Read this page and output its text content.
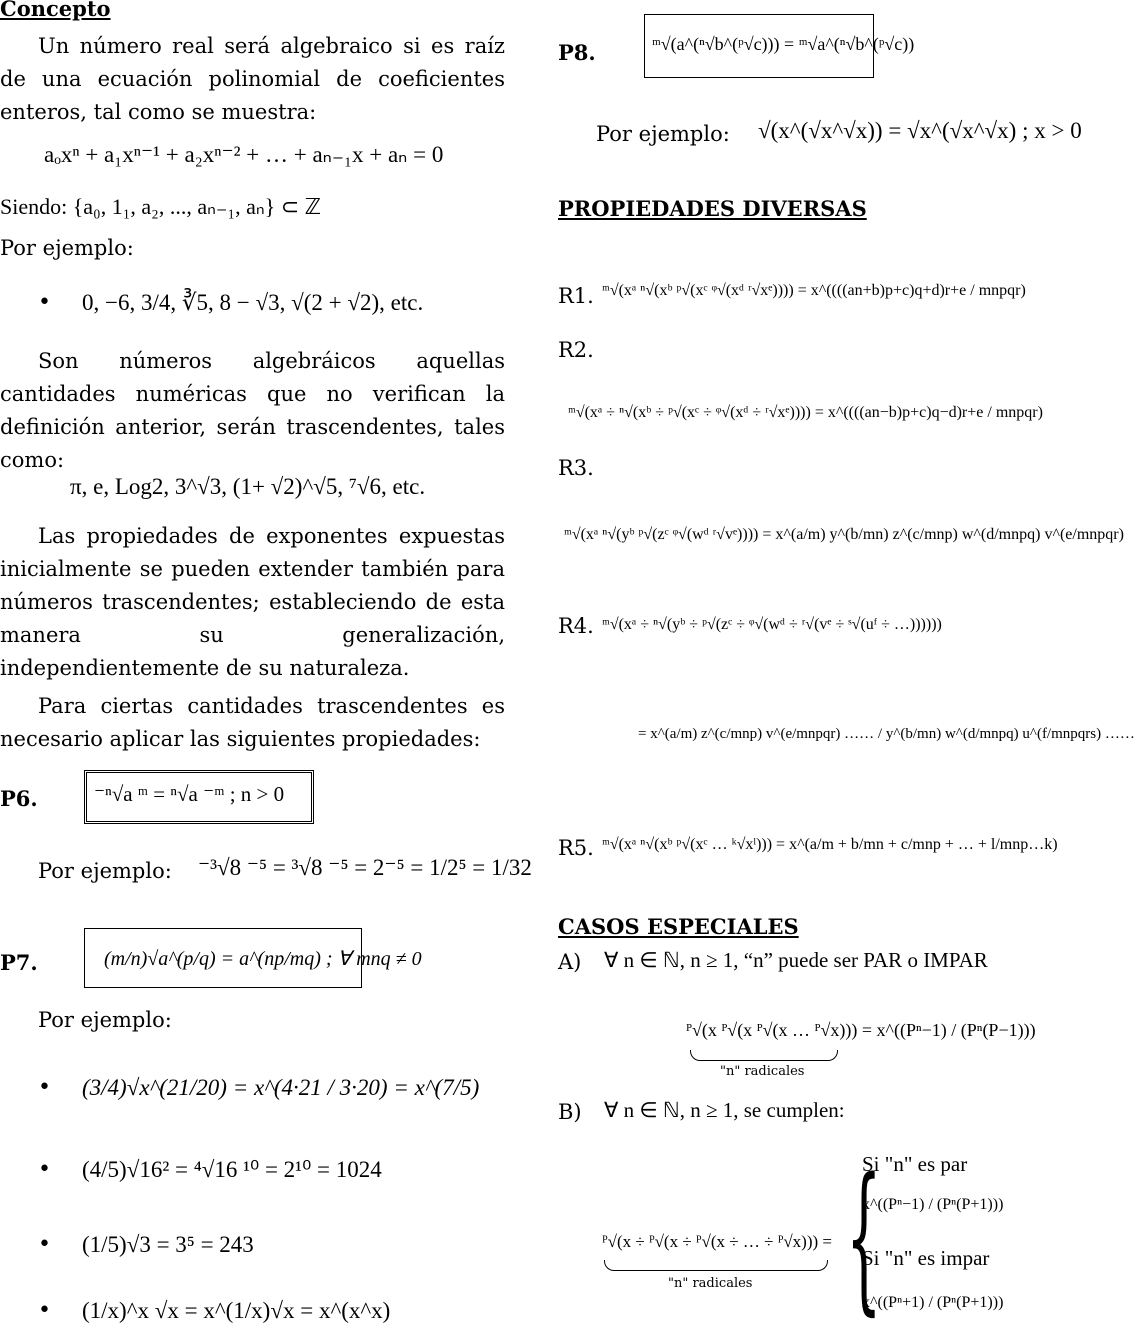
Concepto
Un número real será algebraico si es raíz de una ecuación polinomial de coeficientes enteros, tal como se muestra:
aₒxⁿ + a₁xⁿ⁻¹ + a₂xⁿ⁻² + … + aₙ₋₁x + aₙ = 0
Siendo: {a₀, 1₁, a₂, ..., aₙ₋₁, aₙ} ⊂ ℤ
Por ejemplo:
• 0, −6, 3/4, ∛5, 8 − √3, √(2 + √2), etc.
Son números algebráicos aquellas cantidades numéricas que no verifican la definición anterior, serán trascendentes, tales como:
π, e, Log2, 3^√3, (1+ √2)^√5, ⁷√6, etc.
Las propiedades de exponentes expuestas inicialmente se pueden extender también para números trascendentes; estableciendo de esta manera su generalización, independientemente de su naturaleza.
Para ciertas cantidades trascendentes es necesario aplicar las siguientes propiedades:
P6.	⁻ⁿ√a ᵐ = ⁿ√a ⁻ᵐ ; n > 0
Por ejemplo: ⁻³√8 ⁻⁵ = ³√8 ⁻⁵ = 2⁻⁵ = 1/2⁵ = 1/32
P7.	(m/n)√a^(p/q) = a^(np/mq) ; ∀ mnq ≠ 0
Por ejemplo:
• (3/4)√x^(21/20) = x^(4·21 / 3·20) = x^(7/5)
• (4/5)√16² = ⁴√16 ¹⁰ = 2¹⁰ = 1024
• (1/5)√3 = 3⁵ = 243
• (1/x)^x √x = x^(1/x)√x = x^(x^x)
P8.	ᵐ√(a^(ⁿ√b^(ᵖ√c))) = ᵐ√a^(ⁿ√b^(ᵖ√c))
Por ejemplo: √(x^(√x^√x)) = √x^(√x^√x) ; x > 0
PROPIEDADES DIVERSAS
R1. ᵐ√(xᵃ ⁿ√(xᵇ ᵖ√(xᶜ ᵠ√(xᵈ ʳ√xᵉ)))) = x^((((an+b)p+c)q+d)r+e / mnpqr)
R2.
ᵐ√(xᵃ ÷ ⁿ√(xᵇ ÷ ᵖ√(xᶜ ÷ ᵠ√(xᵈ ÷ ʳ√xᵉ)))) = x^((((an−b)p+c)q−d)r+e / mnpqr)
R3.
ᵐ√(xᵃ ⁿ√(yᵇ ᵖ√(zᶜ ᵠ√(wᵈ ʳ√vᵉ)))) = x^(a/m) y^(b/mn) z^(c/mnp) w^(d/mnpq) v^(e/mnpqr)
R4. ᵐ√(xᵃ ÷ ⁿ√(yᵇ ÷ ᵖ√(zᶜ ÷ ᵠ√(wᵈ ÷ ʳ√(vᵉ ÷ ˢ√(uᶠ ÷ …))))))
= x^(a/m) z^(c/mnp) v^(e/mnpqr) …… / y^(b/mn) w^(d/mnpq) u^(f/mnpqrs) ……
R5. ᵐ√(xᵃ ⁿ√(xᵇ ᵖ√(xᶜ … ᵏ√xˡ))) = x^(a/m + b/mn + c/mnp + … + l/mnp…k)
CASOS ESPECIALES
A) ∀ n ∈ ℕ, n ≥ 1, “n” puede ser PAR o IMPAR
ᴾ√(x ᴾ√(x ᴾ√(x … ᴾ√x))) = x^((Pⁿ−1) / (Pⁿ(P−1)))
"n" radicales
B) ∀ n ∈ ℕ, n ≥ 1, se cumplen:
ᴾ√(x ÷ ᴾ√(x ÷ ᴾ√(x ÷ … ÷ ᴾ√x))) =
"n" radicales {
Si "n" es par
x^((Pⁿ−1) / (Pⁿ(P+1)))
Si "n" es impar
x^((Pⁿ+1) / (Pⁿ(P+1)))
